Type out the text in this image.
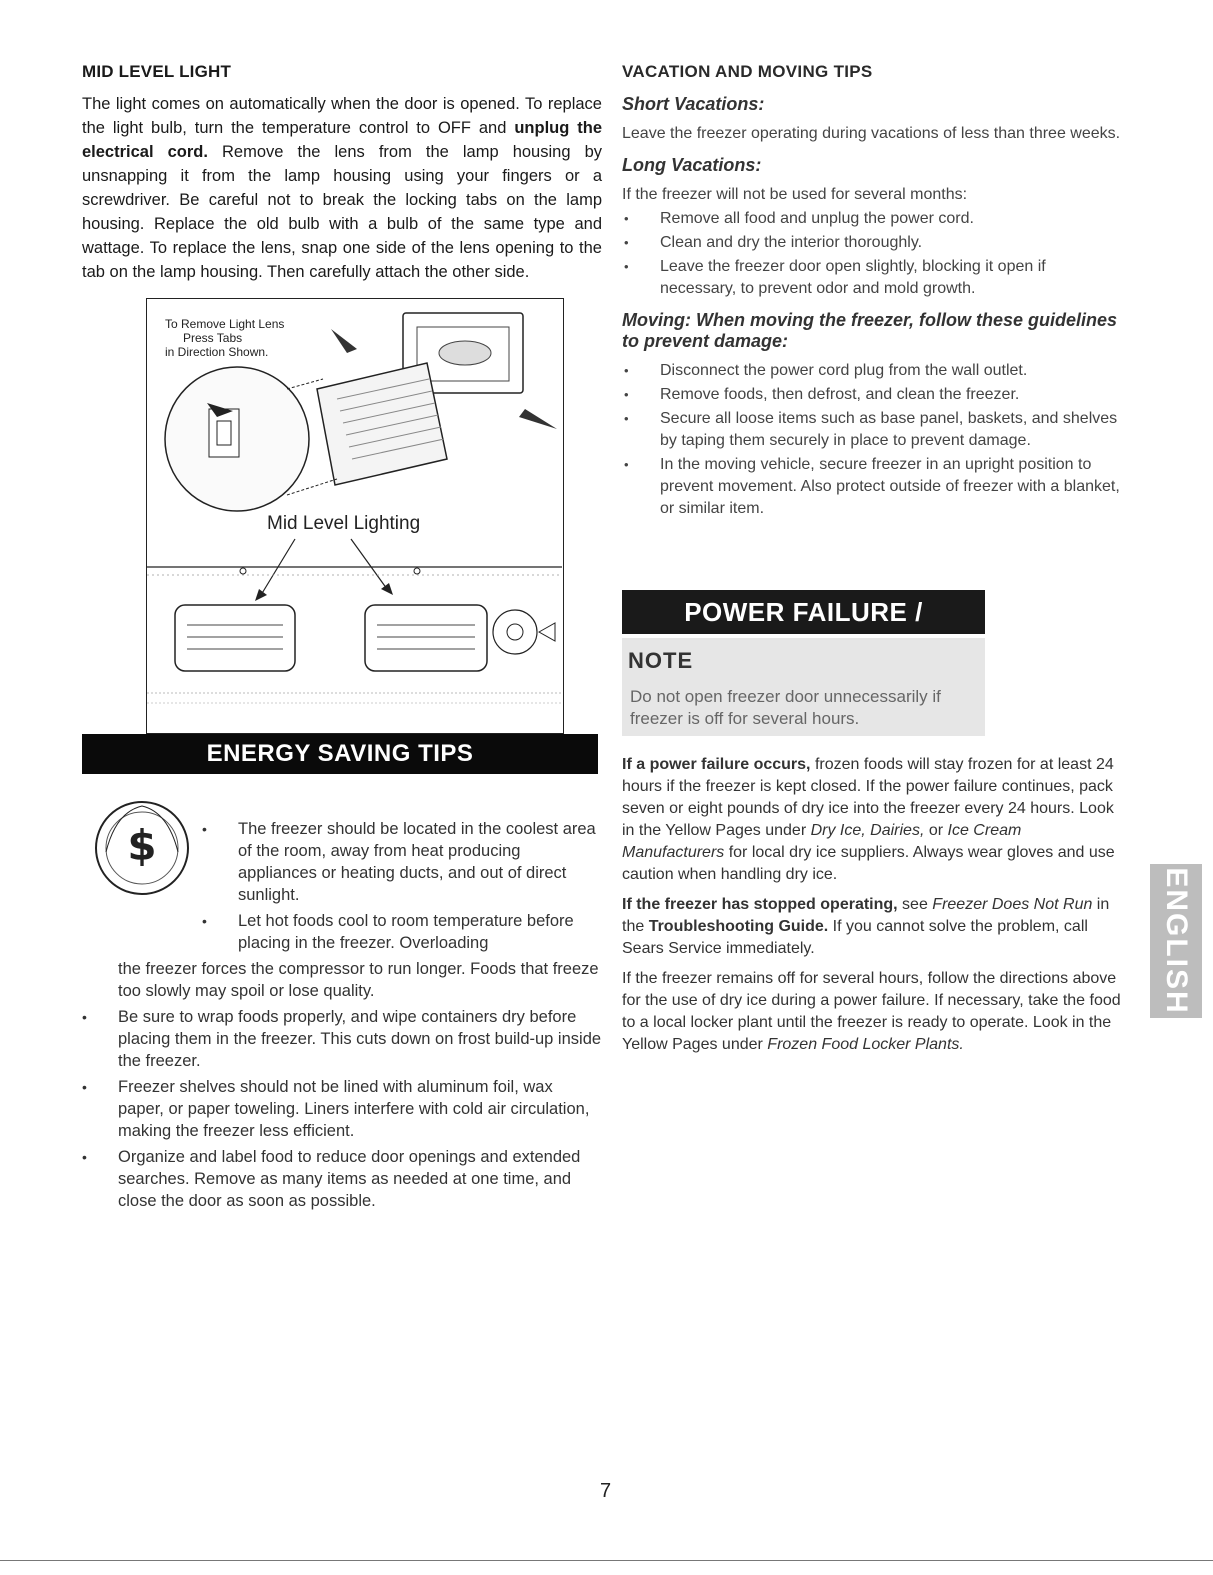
MID LEVEL LIGHT

The light comes on automatically when the door is opened. To replace the light bulb, turn the temperature control to OFF and unplug the electrical cord. Remove the lens from the lamp housing by unsnapping it from the lamp housing using your fingers or a screwdriver. Be careful not to break the locking tabs on the lamp housing. Replace the old bulb with a bulb of the same type and wattage. To replace the lens, snap one side of the lens opening to the tab on the lamp housing. Then carefully attach the other side.

To Remove Light Lens
Press Tabs
in Direction Shown.
Mid Level Lighting
ENERGY SAVING TIPS
$	• The freezer should be located in the coolest area of the room, away from heat producing appliances or heating ducts, and out of direct sunlight.
• Let hot foods cool to room temperature before placing in the freezer. Overloading
the freezer forces the compressor to run longer. Foods that freeze too slowly may spoil or lose quality.
• Be sure to wrap foods properly, and wipe containers dry before placing them in the freezer. This cuts down on frost build-up inside the freezer.
• Freezer shelves should not be lined with aluminum foil, wax paper, or paper toweling. Liners interfere with cold air circulation, making the freezer less efficient.
• Organize and label food to reduce door openings and extended searches. Remove as many items as needed at one time, and close the door as soon as possible.
VACATION AND MOVING TIPS
Short Vacations:

Leave the freezer operating during vacations of less than three weeks.

Long Vacations:

If the freezer will not be used for several months:

• Remove all food and unplug the power cord.
• Clean and dry the interior thoroughly.
• Leave the freezer door open slightly, blocking it open if necessary, to prevent odor and mold growth.
Moving: When moving the freezer, follow these guidelines to prevent damage:
• Disconnect the power cord plug from the wall outlet.
• Remove foods, then defrost, and clean the freezer.
• Secure all loose items such as base panel, baskets, and shelves by taping them securely in place to prevent damage.
• In the moving vehicle, secure freezer in an upright position to prevent movement. Also protect outside of freezer with a blanket, or similar item.
POWER FAILURE /
NOTE
Do not open freezer door unnecessarily if freezer is off for several hours.

If a power failure occurs, frozen foods will stay frozen for at least 24 hours if the freezer is kept closed. If the power failure continues, pack seven or eight pounds of dry ice into the freezer every 24 hours. Look in the Yellow Pages under Dry Ice, Dairies, or Ice Cream Manufacturers for local dry ice suppliers. Always wear gloves and use caution when handling dry ice.

If the freezer has stopped operating, see Freezer Does Not Run in the Troubleshooting Guide. If you cannot solve the problem, call Sears Service immediately.

If the freezer remains off for several hours, follow the directions above for the use of dry ice during a power failure. If necessary, take the food to a local locker plant until the freezer is ready to operate. Look in the Yellow Pages under Frozen Food Locker Plants.

ENGLISH
7
